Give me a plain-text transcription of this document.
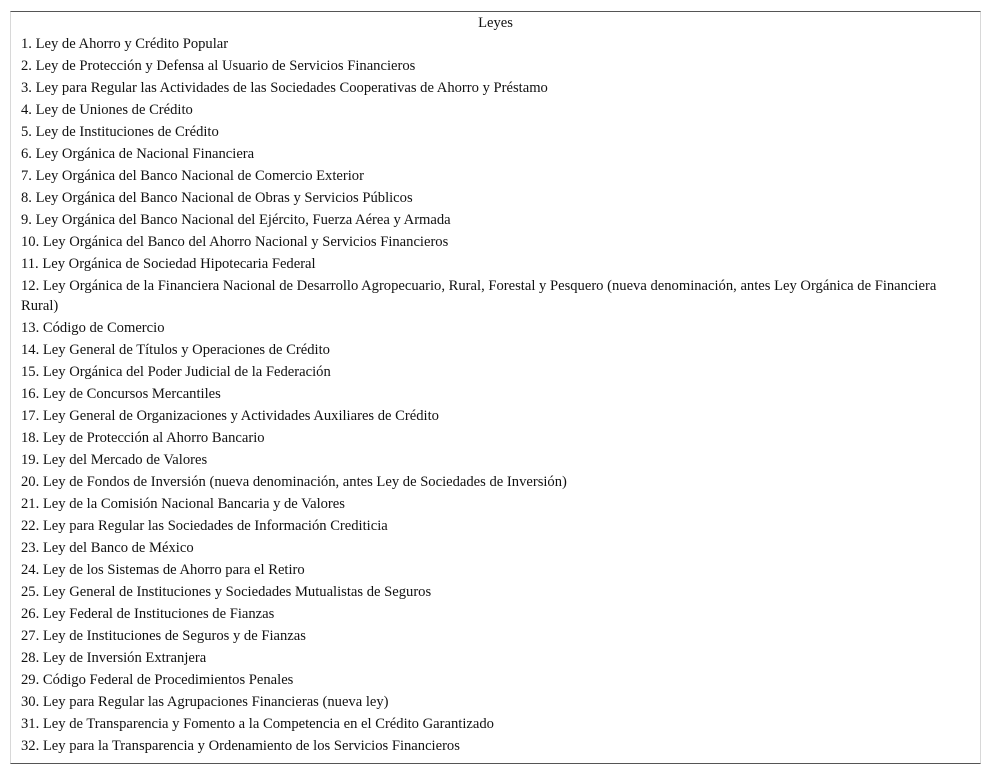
Leyes
1. Ley de Ahorro y Crédito Popular
2. Ley de Protección y Defensa al Usuario de Servicios Financieros
3. Ley para Regular las Actividades de las Sociedades Cooperativas de Ahorro y Préstamo
4. Ley de Uniones de Crédito
5. Ley de Instituciones de Crédito
6. Ley Orgánica de Nacional Financiera
7. Ley Orgánica del Banco Nacional de Comercio Exterior
8. Ley Orgánica del Banco Nacional de Obras y Servicios Públicos
9. Ley Orgánica del Banco Nacional del Ejército, Fuerza Aérea y Armada
10. Ley Orgánica del Banco del Ahorro Nacional y Servicios Financieros
11. Ley Orgánica de Sociedad Hipotecaria Federal
12. Ley Orgánica de la Financiera Nacional de Desarrollo Agropecuario, Rural, Forestal y Pesquero (nueva denominación, antes Ley Orgánica de Financiera Rural)
13. Código de Comercio
14. Ley General de Títulos y Operaciones de Crédito
15. Ley Orgánica del Poder Judicial de la Federación
16. Ley de Concursos Mercantiles
17. Ley General de Organizaciones y Actividades Auxiliares de Crédito
18. Ley de Protección al Ahorro Bancario
19. Ley del Mercado de Valores
20. Ley de Fondos de Inversión (nueva denominación, antes Ley de Sociedades de Inversión)
21. Ley de la Comisión Nacional Bancaria y de Valores
22. Ley para Regular las Sociedades de Información Crediticia
23. Ley del Banco de México
24. Ley de los Sistemas de Ahorro para el Retiro
25. Ley General de Instituciones y Sociedades Mutualistas de Seguros
26. Ley Federal de Instituciones de Fianzas
27. Ley de Instituciones de Seguros y de Fianzas
28. Ley de Inversión Extranjera
29. Código Federal de Procedimientos Penales
30. Ley para Regular las Agrupaciones Financieras (nueva ley)
31. Ley de Transparencia y Fomento a la Competencia en el Crédito Garantizado
32. Ley para la Transparencia y Ordenamiento de los Servicios Financieros
